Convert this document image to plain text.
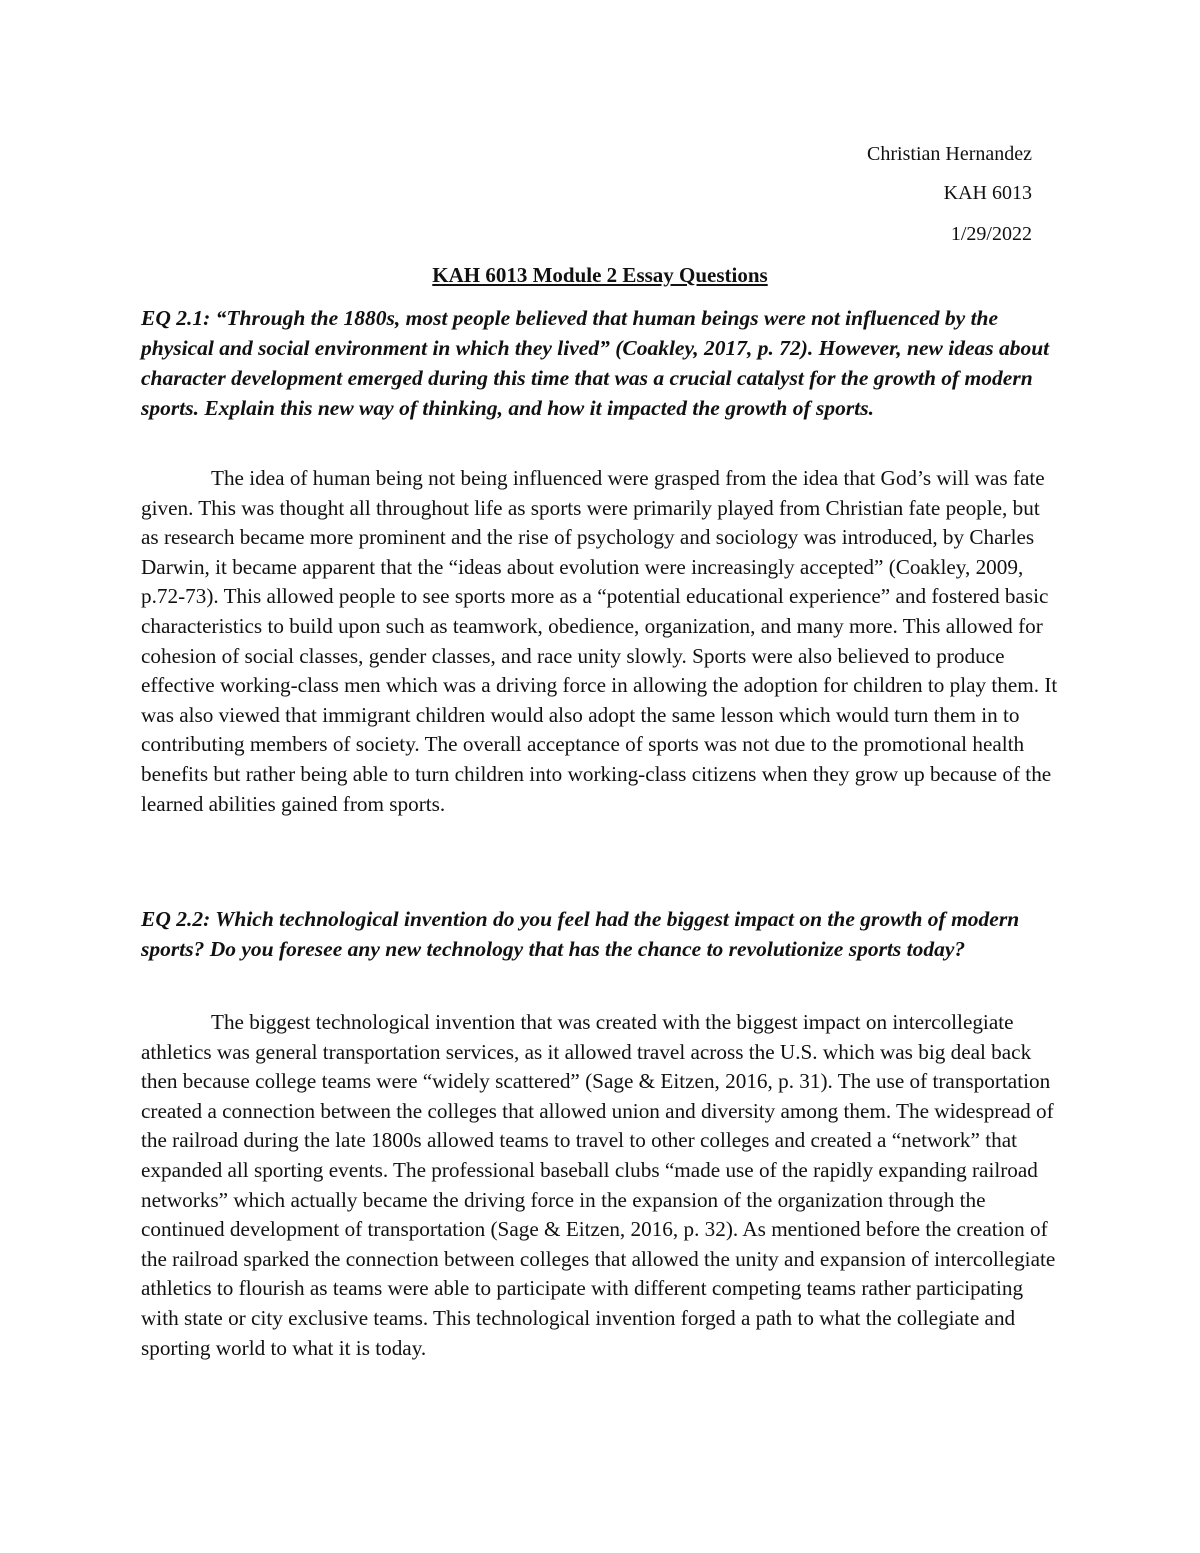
Christian Hernandez
KAH 6013
1/29/2022
KAH 6013 Module 2 Essay Questions

EQ 2.1: “Through the 1880s, most people believed that human beings were not influenced by the physical and social environment in which they lived” (Coakley, 2017, p. 72). However, new ideas about character development emerged during this time that was a crucial catalyst for the growth of modern sports. Explain this new way of thinking, and how it impacted the growth of sports.

The idea of human being not being influenced were grasped from the idea that God’s will was fate given. This was thought all throughout life as sports were primarily played from Christian fate people, but as research became more prominent and the rise of psychology and sociology was introduced, by Charles Darwin, it became apparent that the “ideas about evolution were increasingly accepted” (Coakley, 2009, p.72-73). This allowed people to see sports more as a “potential educational experience” and fostered basic characteristics to build upon such as teamwork, obedience, organization, and many more. This allowed for cohesion of social classes, gender classes, and race unity slowly. Sports were also believed to produce effective working-class men which was a driving force in allowing the adoption for children to play them. It was also viewed that immigrant children would also adopt the same lesson which would turn them in to contributing members of society. The overall acceptance of sports was not due to the promotional health benefits but rather being able to turn children into working-class citizens when they grow up because of the learned abilities gained from sports.

EQ 2.2: Which technological invention do you feel had the biggest impact on the growth of modern sports? Do you foresee any new technology that has the chance to revolutionize sports today?

The biggest technological invention that was created with the biggest impact on intercollegiate athletics was general transportation services, as it allowed travel across the U.S. which was big deal back then because college teams were “widely scattered” (Sage & Eitzen, 2016, p. 31). The use of transportation created a connection between the colleges that allowed union and diversity among them. The widespread of the railroad during the late 1800s allowed teams to travel to other colleges and created a “network” that expanded all sporting events. The professional baseball clubs “made use of the rapidly expanding railroad networks” which actually became the driving force in the expansion of the organization through the continued development of transportation (Sage & Eitzen, 2016, p. 32). As mentioned before the creation of the railroad sparked the connection between colleges that allowed the unity and expansion of intercollegiate athletics to flourish as teams were able to participate with different competing teams rather participating with state or city exclusive teams. This technological invention forged a path to what the collegiate and sporting world to what it is today.
